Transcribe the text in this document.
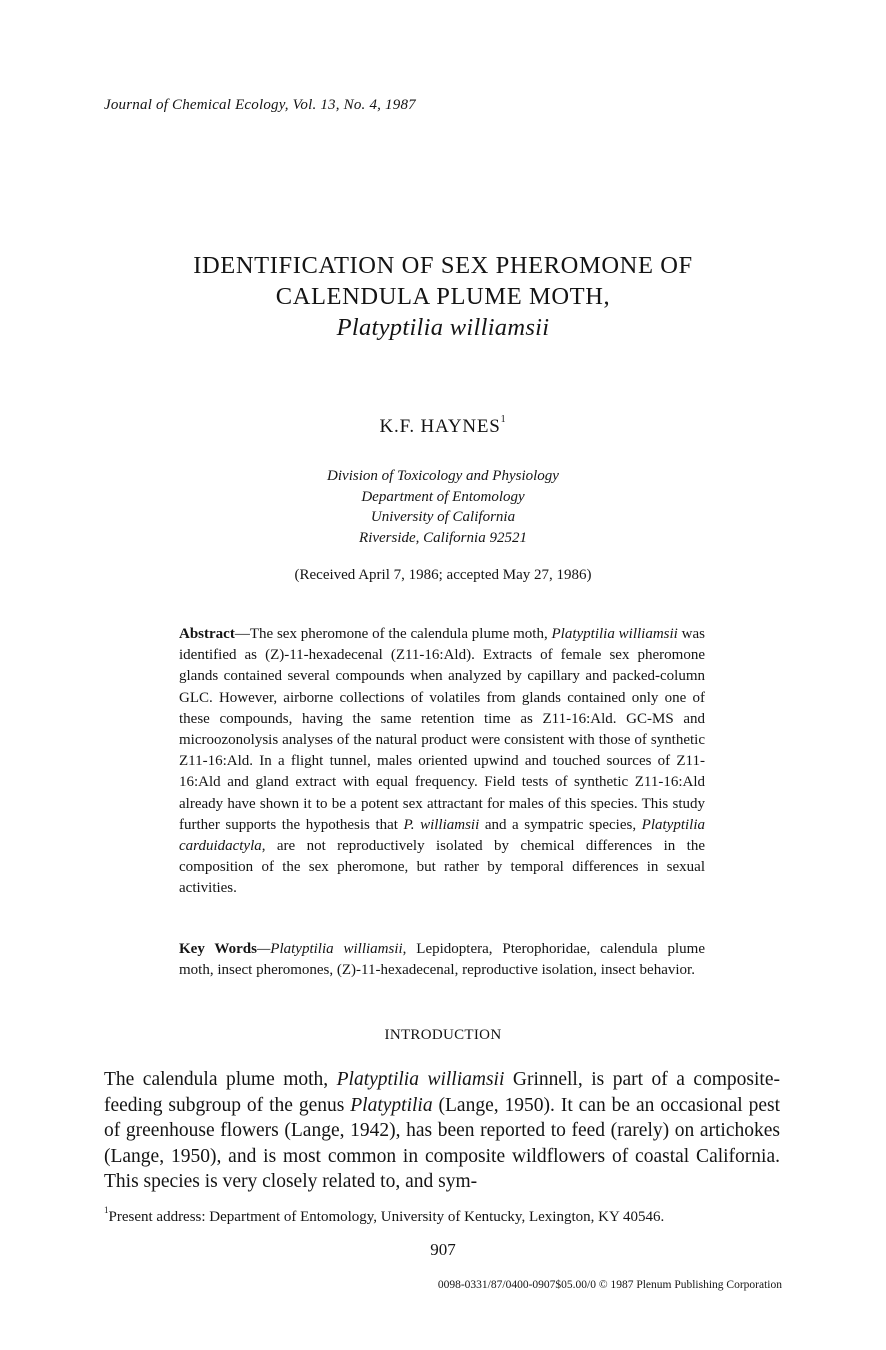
Journal of Chemical Ecology, Vol. 13, No. 4, 1987
IDENTIFICATION OF SEX PHEROMONE OF
CALENDULA PLUME MOTH,
Platyptilia williamsii
K.F. HAYNES$^1$
Division of Toxicology and Physiology
Department of Entomology
University of California
Riverside, California 92521
(Received April 7, 1986; accepted May 27, 1986)
Abstract—The sex pheromone of the calendula plume moth, Platyptilia williamsii was identified as (Z)-11-hexadecenal (Z11-16:Ald). Extracts of female sex pheromone glands contained several compounds when analyzed by capillary and packed-column GLC. However, airborne collections of volatiles from glands contained only one of these compounds, having the same retention time as Z11-16:Ald. GC-MS and microozonolysis analyses of the natural product were consistent with those of synthetic Z11-16:Ald. In a flight tunnel, males oriented upwind and touched sources of Z11-16:Ald and gland extract with equal frequency. Field tests of synthetic Z11-16:Ald already have shown it to be a potent sex attractant for males of this species. This study further supports the hypothesis that P. williamsii and a sympatric species, Platyptilia carduidactyla, are not reproductively isolated by chemical differences in the composition of the sex pheromone, but rather by temporal differences in sexual activities.
Key Words—Platyptilia williamsii, Lepidoptera, Pterophoridae, calendula plume moth, insect pheromones, (Z)-11-hexadecenal, reproductive isolation, insect behavior.
INTRODUCTION
The calendula plume moth, Platyptilia williamsii Grinnell, is part of a composite-feeding subgroup of the genus Platyptilia (Lange, 1950). It can be an occasional pest of greenhouse flowers (Lange, 1942), has been reported to feed (rarely) on artichokes (Lange, 1950), and is most common in composite wildflowers of coastal California. This species is very closely related to, and sym-
$^1$Present address: Department of Entomology, University of Kentucky, Lexington, KY 40546.
907
0098-0331/87/0400-0907$05.00/0 © 1987 Plenum Publishing Corporation
